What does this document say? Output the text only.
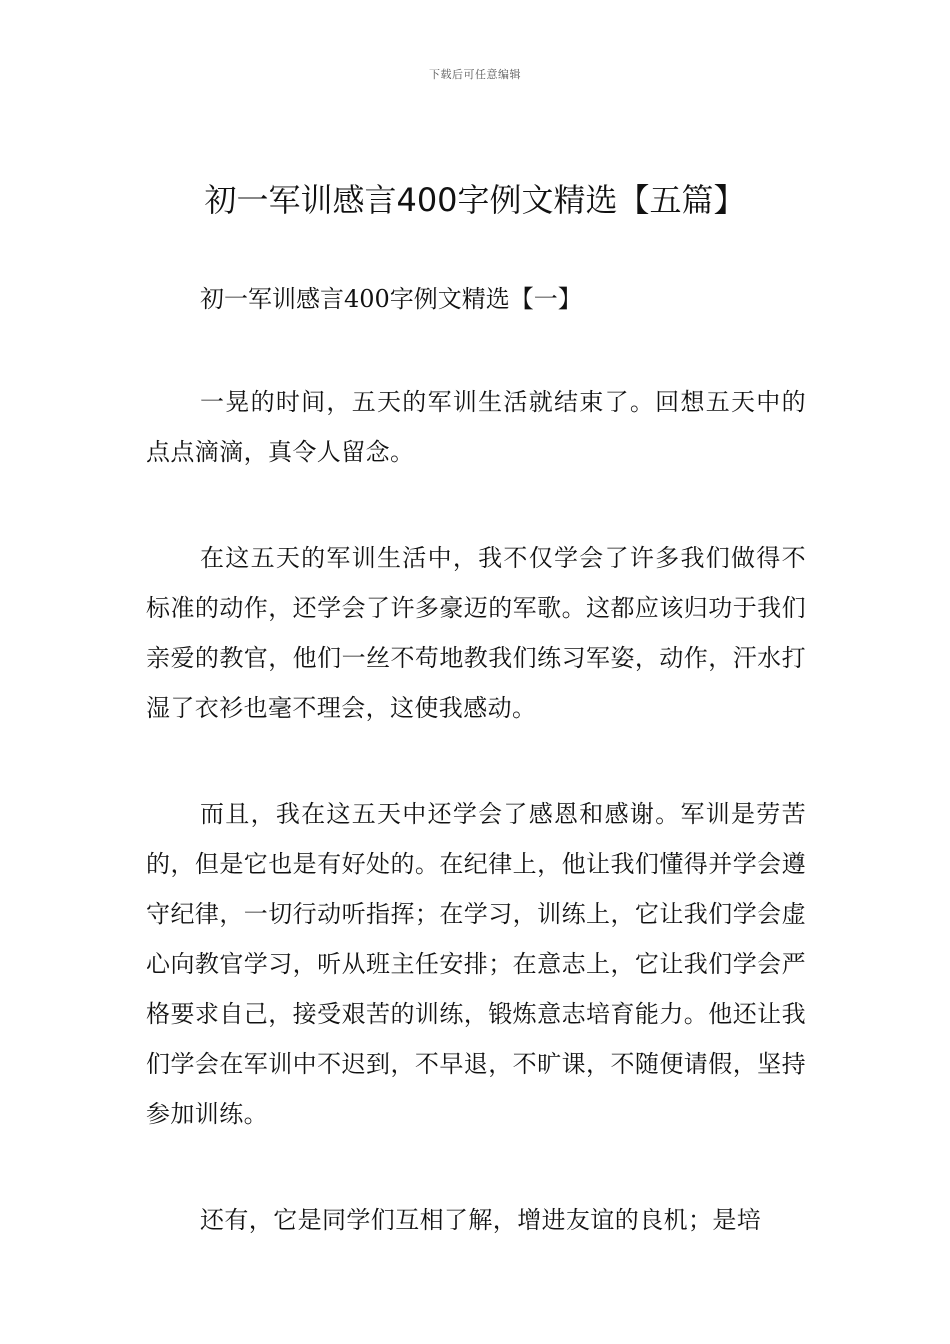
下载后可任意编辑
初一军训感言400字例文精选【五篇】

初一军训感言400字例文精选【一】

一晃的时间，五天的军训生活就结束了。回想五天中的点点滴滴，真令人留念。

在这五天的军训生活中，我不仅学会了许多我们做得不标准的动作，还学会了许多豪迈的军歌。这都应该归功于我们亲爱的教官，他们一丝不苟地教我们练习军姿，动作，汗水打湿了衣衫也毫不理会，这使我感动。

而且，我在这五天中还学会了感恩和感谢。军训是劳苦的，但是它也是有好处的。在纪律上，他让我们懂得并学会遵守纪律，一切行动听指挥；在学习，训练上，它让我们学会虚心向教官学习，听从班主任安排；在意志上，它让我们学会严格要求自己，接受艰苦的训练，锻炼意志培育能力。他还让我们学会在军训中不迟到，不早退，不旷课，不随便请假，坚持参加训练。

还有，它是同学们互相了解，增进友谊的良机；是培
